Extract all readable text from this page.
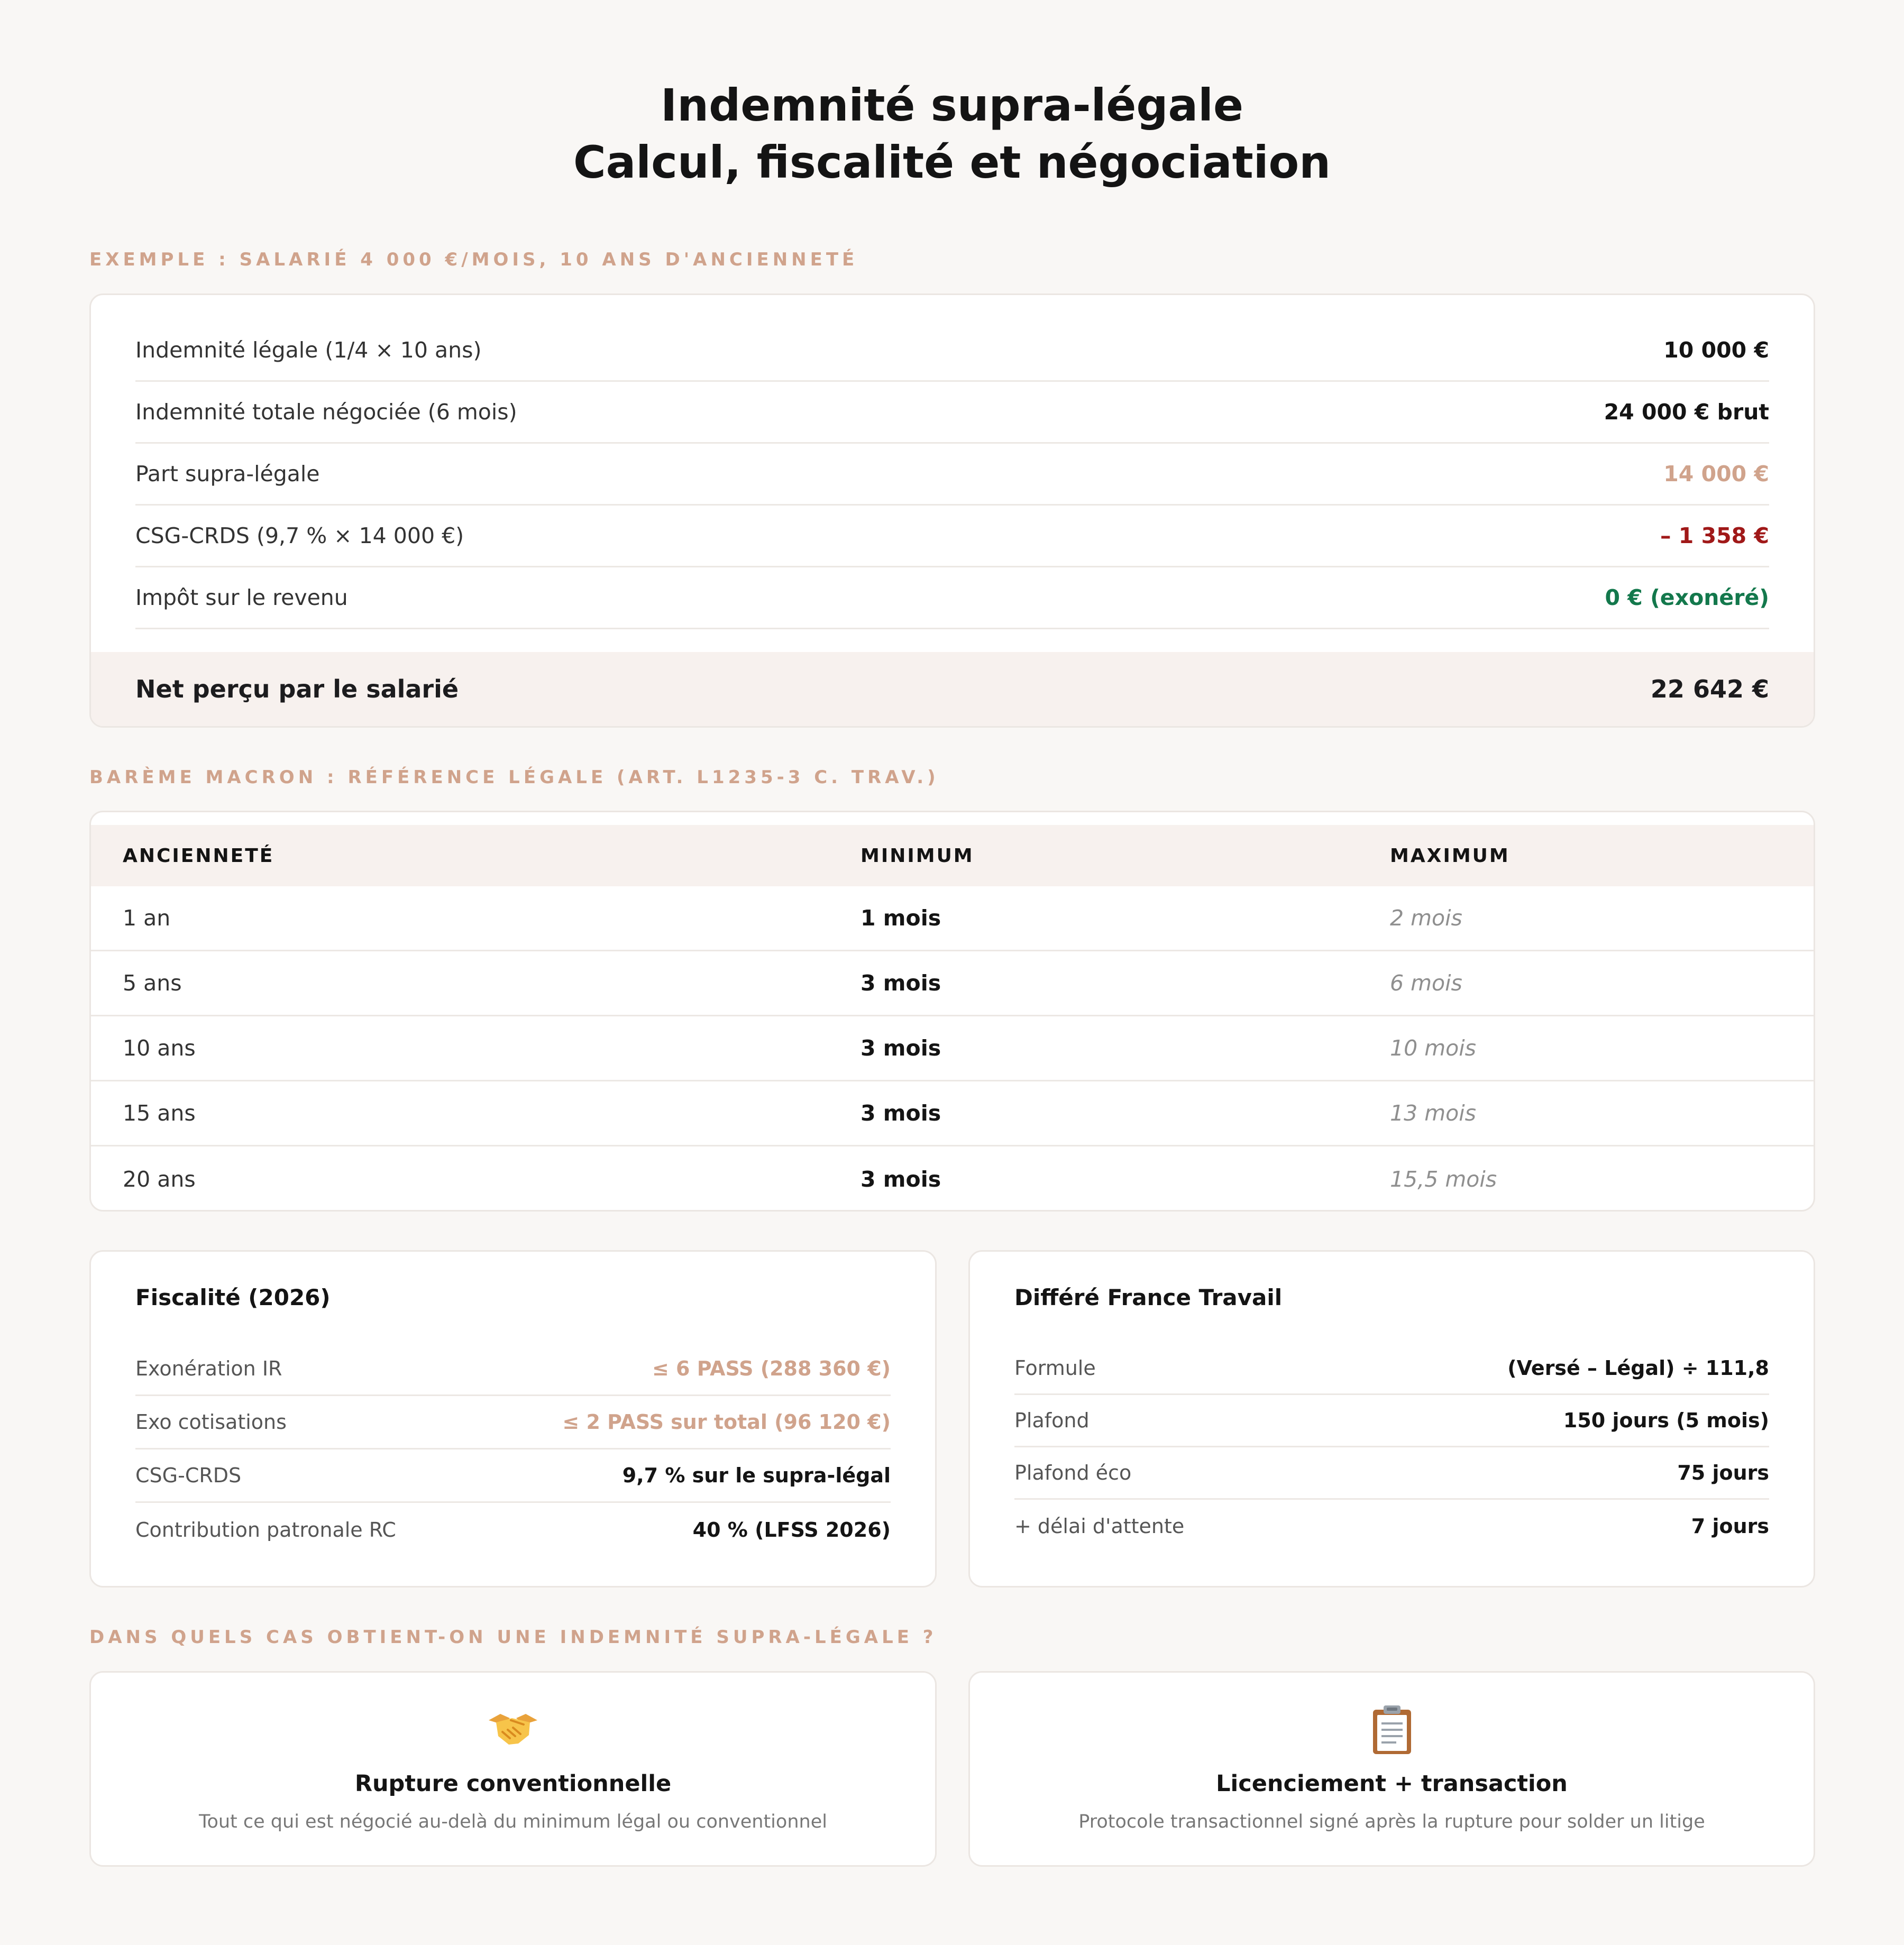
Indemnité supra-légale
Calcul, fiscalité et négociation
EXEMPLE : SALARIÉ 4 000 €/MOIS, 10 ANS D'ANCIENNETÉ
Indemnité légale (1/4 × 10 ans)	10 000 €
Indemnité totale négociée (6 mois)	24 000 € brut
Part supra-légale	14 000 €
CSG-CRDS (9,7 % × 14 000 €)	– 1 358 €
Impôt sur le revenu	0 € (exonéré)
Net perçu par le salarié	22 642 €
BARÈME MACRON : RÉFÉRENCE LÉGALE (ART. L1235-3 C. TRAV.)
ANCIENNETÉ	MINIMUM	MAXIMUM
1 an	1 mois	2 mois
5 ans	3 mois	6 mois
10 ans	3 mois	10 mois
15 ans	3 mois	13 mois
20 ans	3 mois	15,5 mois
Fiscalité (2026)
Exonération IR	≤ 6 PASS (288 360 €)
Exo cotisations	≤ 2 PASS sur total (96 120 €)
CSG-CRDS	9,7 % sur le supra-légal
Contribution patronale RC	40 % (LFSS 2026)
Différé France Travail
Formule	(Versé – Légal) ÷ 111,8
Plafond	150 jours (5 mois)
Plafond éco	75 jours
+ délai d'attente	7 jours
DANS QUELS CAS OBTIENT-ON UNE INDEMNITÉ SUPRA-LÉGALE ?
Rupture conventionnelle
Tout ce qui est négocié au-delà du minimum légal ou conventionnel
Licenciement + transaction
Protocole transactionnel signé après la rupture pour solder un litige
